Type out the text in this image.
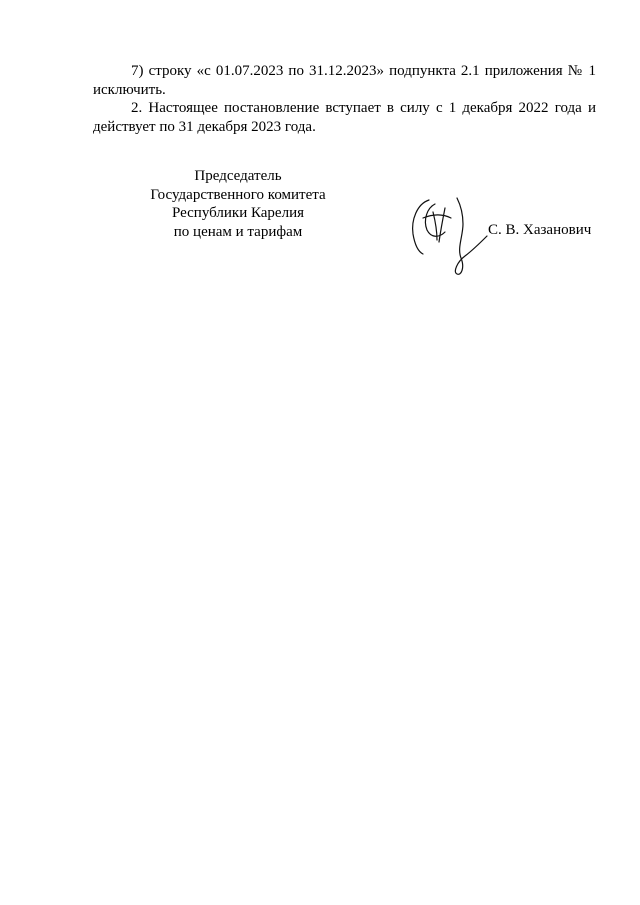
7) строку «с 01.07.2023 по 31.12.2023» подпункта 2.1 приложения № 1 исключить.

2. Настоящее постановление вступает в силу с 1 декабря 2022 года и действует по 31 декабря 2023 года.

Председатель
Государственного комитета
Республики Карелия
по ценам и тарифам	С. В. Хазанович
